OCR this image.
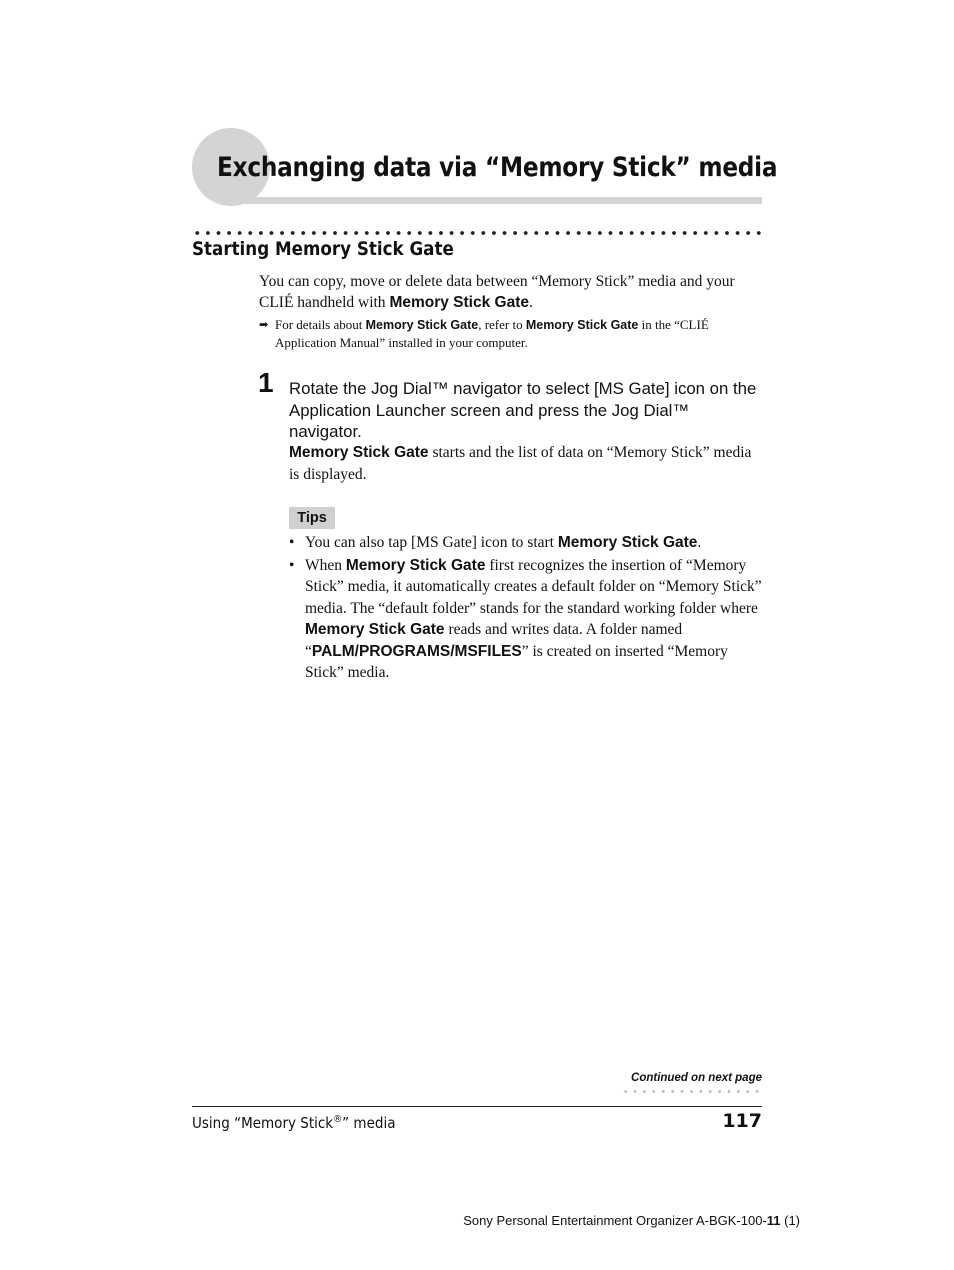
Exchanging data via “Memory Stick” media
Starting Memory Stick Gate

You can copy, move or delete data between “Memory Stick” media and your CLIÉ handheld with Memory Stick Gate.

➡ For details about Memory Stick Gate, refer to Memory Stick Gate in the “CLIÉ Application Manual” installed in your computer.
1 Rotate the Jog Dial™ navigator to select [MS Gate] icon on the Application Launcher screen and press the Jog Dial™ navigator.
Memory Stick Gate starts and the list of data on “Memory Stick” media is displayed.
Tips
• You can also tap [MS Gate] icon to start Memory Stick Gate.
• When Memory Stick Gate first recognizes the insertion of “Memory Stick” media, it automatically creates a default folder on “Memory Stick” media. The “default folder” stands for the standard working folder where Memory Stick Gate reads and writes data. A folder named “PALM/PROGRAMS/MSFILES” is created on inserted “Memory Stick” media.
Continued on next page
Using “Memory Stick®” media	117
Sony Personal Entertainment Organizer A-BGK-100-11 (1)
